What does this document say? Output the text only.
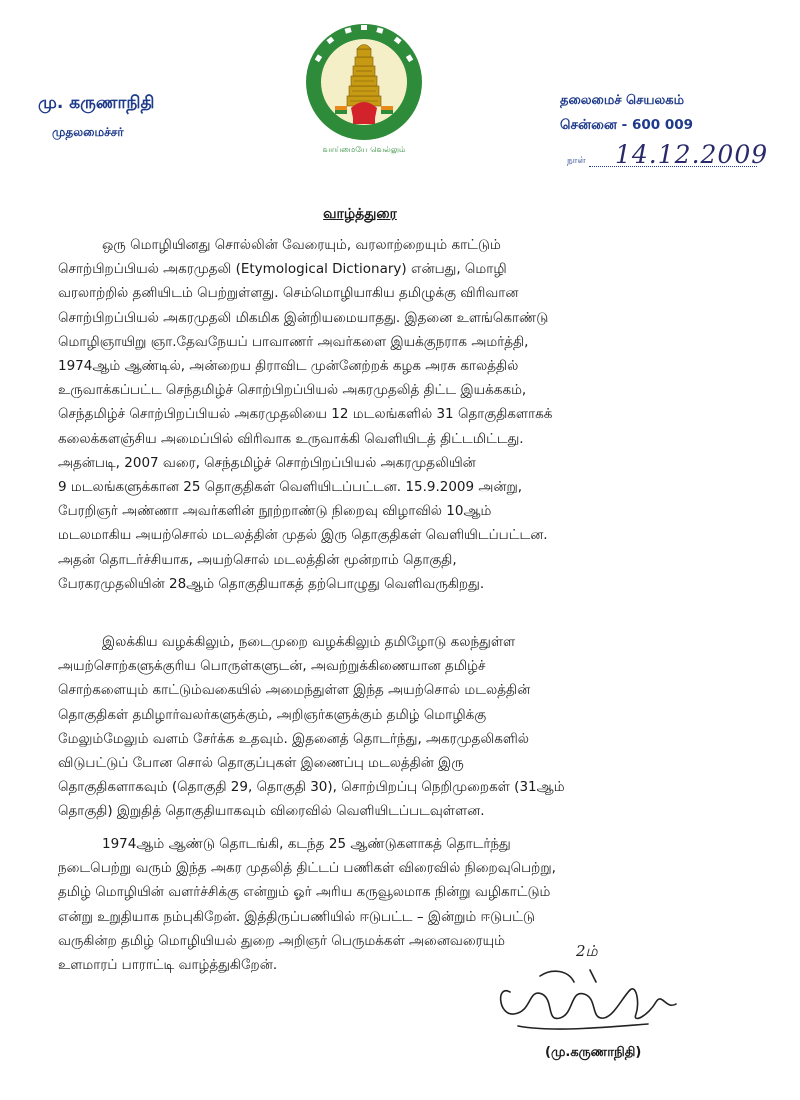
மு. கருணாநிதி
முதலமைச்சர்
தலைமைச் செயலகம்
சென்னை - 600 009
வாய்மையே வெல்லும்
நாள் 14.12.2009
வாழ்த்துரை

ஒரு மொழியினது சொல்லின் வேரையும், வரலாற்றையும் காட்டும்
சொற்பிறப்பியல் அகரமுதலி (Etymological Dictionary) என்பது, மொழி
வரலாற்றில் தனியிடம் பெற்றுள்ளது. செம்மொழியாகிய தமிழுக்கு விரிவான
சொற்பிறப்பியல் அகரமுதலி மிகமிக இன்றியமையாதது. இதனை உளங்கொண்டு
மொழிஞாயிறு ஞா.தேவநேயப் பாவாணர் அவர்களை இயக்குநராக அமர்த்தி,
1974ஆம் ஆண்டில், அன்றைய திராவிட முன்னேற்றக் கழக அரசு காலத்தில்
உருவாக்கப்பட்ட செந்தமிழ்ச் சொற்பிறப்பியல் அகரமுதலித் திட்ட இயக்ககம்,
செந்தமிழ்ச் சொற்பிறப்பியல் அகரமுதலியை 12 மடலங்களில் 31 தொகுதிகளாகக்
கலைக்களஞ்சிய அமைப்பில் விரிவாக உருவாக்கி வெளியிடத் திட்டமிட்டது.
அதன்படி, 2007 வரை, செந்தமிழ்ச் சொற்பிறப்பியல் அகரமுதலியின்
9 மடலங்களுக்கான 25 தொகுதிகள் வெளியிடப்பட்டன. 15.9.2009 அன்று,
பேரறிஞர் அண்ணா அவர்களின் நூற்றாண்டு நிறைவு விழாவில் 10ஆம்
மடலமாகிய அயற்சொல் மடலத்தின் முதல் இரு தொகுதிகள் வெளியிடப்பட்டன.
அதன் தொடர்ச்சியாக, அயற்சொல் மடலத்தின் மூன்றாம் தொகுதி,
பேரகரமுதலியின் 28ஆம் தொகுதியாகத் தற்பொழுது வெளிவருகிறது.

இலக்கிய வழக்கிலும், நடைமுறை வழக்கிலும் தமிழோடு கலந்துள்ள
அயற்சொற்களுக்குரிய பொருள்களுடன், அவற்றுக்கிணையான தமிழ்ச்
சொற்களையும் காட்டும்வகையில் அமைந்துள்ள இந்த அயற்சொல் மடலத்தின்
தொகுதிகள் தமிழார்வலர்களுக்கும், அறிஞர்களுக்கும் தமிழ் மொழிக்கு
மேலும்மேலும் வளம் சேர்க்க உதவும். இதனைத் தொடர்ந்து, அகரமுதலிகளில்
விடுபட்டுப் போன சொல் தொகுப்புகள் இணைப்பு மடலத்தின் இரு
தொகுதிகளாகவும் (தொகுதி 29, தொகுதி 30), சொற்பிறப்பு நெறிமுறைகள் (31ஆம்
தொகுதி) இறுதித் தொகுதியாகவும் விரைவில் வெளியிடப்படவுள்ளன.

1974ஆம் ஆண்டு தொடங்கி, கடந்த 25 ஆண்டுகளாகத் தொடர்ந்து
நடைபெற்று வரும் இந்த அகர முதலித் திட்டப் பணிகள் விரைவில் நிறைவுபெற்று,
தமிழ் மொழியின் வளர்ச்சிக்கு என்றும் ஓர் அரிய கருவூலமாக நின்று வழிகாட்டும்
என்று உறுதியாக நம்புகிறேன். இத்திருப்பணியில் ஈடுபட்ட – இன்றும் ஈடுபட்டு
வருகின்ற தமிழ் மொழியியல் துறை அறிஞர் பெருமக்கள் அனைவரையும்
உளமாரப் பாராட்டி வாழ்த்துகிறேன்.

2ம்
(மு.கருணாநிதி)
